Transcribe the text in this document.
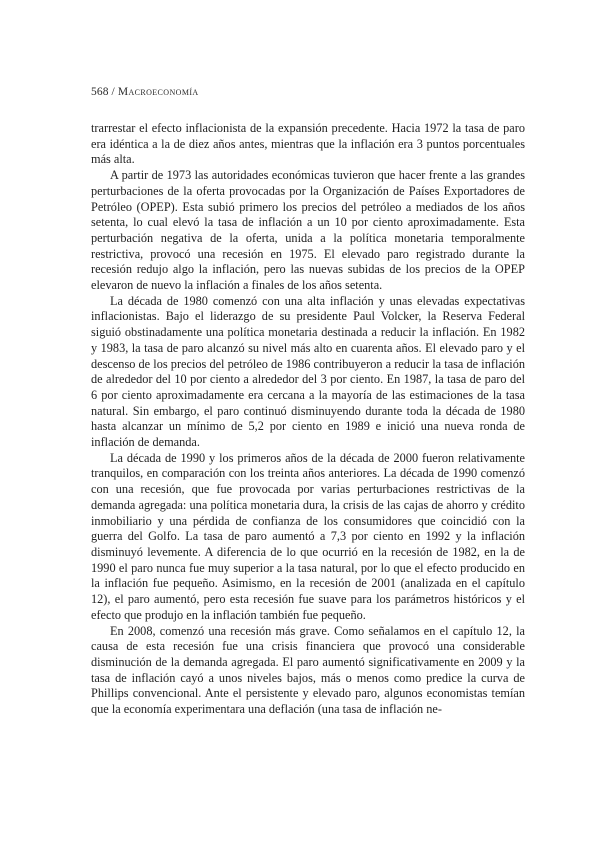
568 / Macroeconomía

trarrestar el efecto inflacionista de la expansión precedente. Hacia 1972 la tasa de paro era idéntica a la de diez años antes, mientras que la inflación era 3 puntos porcentuales más alta.

A partir de 1973 las autoridades económicas tuvieron que hacer frente a las grandes perturbaciones de la oferta provocadas por la Organización de Países Exportadores de Petróleo (OPEP). Esta subió primero los precios del petróleo a mediados de los años setenta, lo cual elevó la tasa de inflación a un 10 por ciento aproximadamente. Esta perturbación negativa de la oferta, unida a la política monetaria temporalmente restrictiva, provocó una recesión en 1975. El elevado paro registrado durante la recesión redujo algo la inflación, pero las nuevas subidas de los precios de la OPEP elevaron de nuevo la inflación a finales de los años setenta.

La década de 1980 comenzó con una alta inflación y unas elevadas expectativas inflacionistas. Bajo el liderazgo de su presidente Paul Volcker, la Reserva Federal siguió obstinadamente una política monetaria destinada a reducir la inflación. En 1982 y 1983, la tasa de paro alcanzó su nivel más alto en cuarenta años. El elevado paro y el descenso de los precios del petróleo de 1986 contribuyeron a reducir la tasa de inflación de alrededor del 10 por ciento a alrededor del 3 por ciento. En 1987, la tasa de paro del 6 por ciento aproximadamente era cercana a la mayoría de las estimaciones de la tasa natural. Sin embargo, el paro continuó disminuyendo durante toda la década de 1980 hasta alcanzar un mínimo de 5,2 por ciento en 1989 e inició una nueva ronda de inflación de demanda.

La década de 1990 y los primeros años de la década de 2000 fueron relativamente tranquilos, en comparación con los treinta años anteriores. La década de 1990 comenzó con una recesión, que fue provocada por varias perturbaciones restrictivas de la demanda agregada: una política monetaria dura, la crisis de las cajas de ahorro y crédito inmobiliario y una pérdida de confianza de los consumidores que coincidió con la guerra del Golfo. La tasa de paro aumentó a 7,3 por ciento en 1992 y la inflación disminuyó levemente. A diferencia de lo que ocurrió en la recesión de 1982, en la de 1990 el paro nunca fue muy superior a la tasa natural, por lo que el efecto producido en la inflación fue pequeño. Asimismo, en la recesión de 2001 (analizada en el capítulo 12), el paro aumentó, pero esta recesión fue suave para los parámetros históricos y el efecto que produjo en la inflación también fue pequeño.

En 2008, comenzó una recesión más grave. Como señalamos en el capítulo 12, la causa de esta recesión fue una crisis financiera que provocó una considerable disminución de la demanda agregada. El paro aumentó significativamente en 2009 y la tasa de inflación cayó a unos niveles bajos, más o menos como predice la curva de Phillips convencional. Ante el persistente y elevado paro, algunos economistas temían que la economía experimentara una deflación (una tasa de inflación ne-
